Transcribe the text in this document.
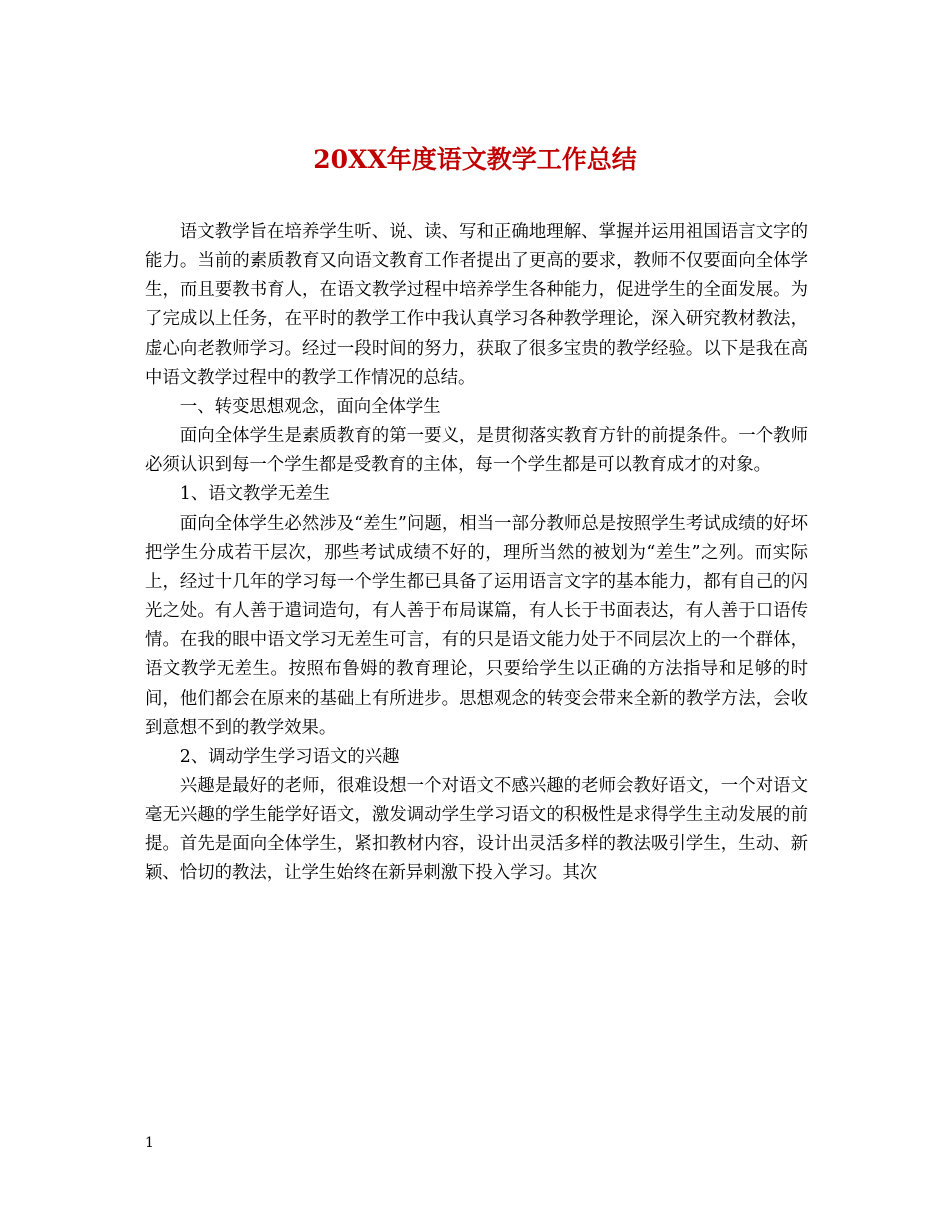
20XX年度语文教学工作总结

语文教学旨在培养学生听、说、读、写和正确地理解、掌握并运用祖国语言文字的能力。当前的素质教育又向语文教育工作者提出了更高的要求，教师不仅要面向全体学生，而且要教书育人，在语文教学过程中培养学生各种能力，促进学生的全面发展。为了完成以上任务，在平时的教学工作中我认真学习各种教学理论，深入研究教材教法，虚心向老教师学习。经过一段时间的努力，获取了很多宝贵的教学经验。以下是我在高中语文教学过程中的教学工作情况的总结。

一、转变思想观念，面向全体学生

面向全体学生是素质教育的第一要义，是贯彻落实教育方针的前提条件。一个教师必须认识到每一个学生都是受教育的主体，每一个学生都是可以教育成才的对象。

1、语文教学无差生

面向全体学生必然涉及“差生”问题，相当一部分教师总是按照学生考试成绩的好坏把学生分成若干层次，那些考试成绩不好的，理所当然的被划为“差生”之列。而实际上，经过十几年的学习每一个学生都已具备了运用语言文字的基本能力，都有自己的闪光之处。有人善于遣词造句，有人善于布局谋篇，有人长于书面表达，有人善于口语传情。在我的眼中语文学习无差生可言，有的只是语文能力处于不同层次上的一个群体，语文教学无差生。按照布鲁姆的教育理论，只要给学生以正确的方法指导和足够的时间，他们都会在原来的基础上有所进步。思想观念的转变会带来全新的教学方法，会收到意想不到的教学效果。

2、调动学生学习语文的兴趣

兴趣是最好的老师，很难设想一个对语文不感兴趣的老师会教好语文，一个对语文毫无兴趣的学生能学好语文，激发调动学生学习语文的积极性是求得学生主动发展的前提。首先是面向全体学生，紧扣教材内容，设计出灵活多样的教法吸引学生，生动、新颖、恰切的教法，让学生始终在新异刺激下投入学习。其次

1
